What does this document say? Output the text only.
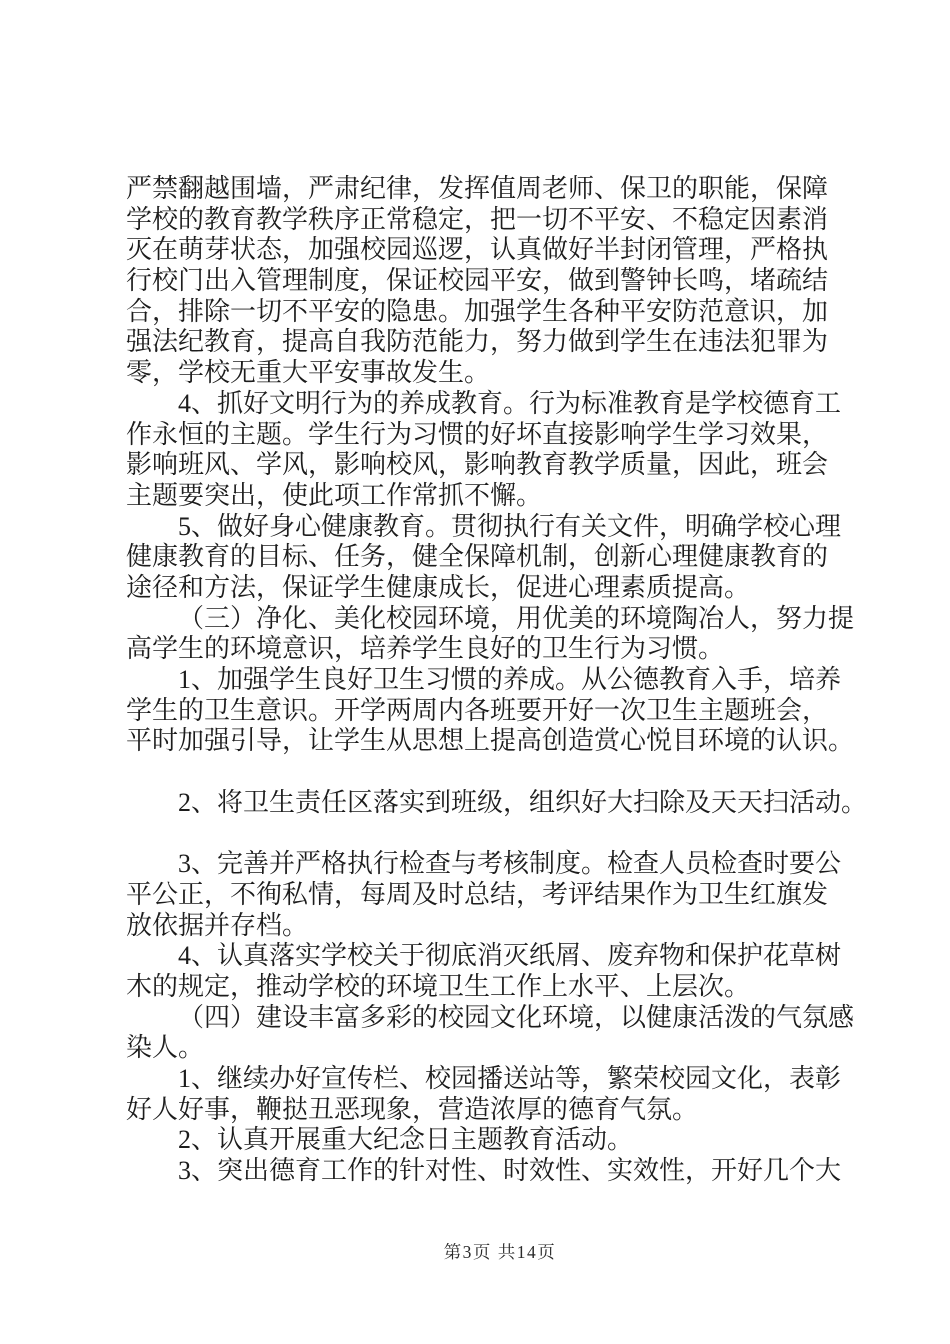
严禁翻越围墙，严肃纪律，发挥值周老师、保卫的职能，保障
学校的教育教学秩序正常稳定，把一切不平安、不稳定因素消
灭在萌芽状态，加强校园巡逻，认真做好半封闭管理，严格执
行校门出入管理制度，保证校园平安，做到警钟长鸣，堵疏结
合，排除一切不平安的隐患。加强学生各种平安防范意识，加
强法纪教育，提高自我防范能力，努力做到学生在违法犯罪为
零，学校无重大平安事故发生。
4、抓好文明行为的养成教育。行为标准教育是学校德育工
作永恒的主题。学生行为习惯的好坏直接影响学生学习效果，
影响班风、学风，影响校风，影响教育教学质量，因此，班会
主题要突出，使此项工作常抓不懈。
5、做好身心健康教育。贯彻执行有关文件，明确学校心理
健康教育的目标、任务，健全保障机制，创新心理健康教育的
途径和方法，保证学生健康成长，促进心理素质提高。
（三）净化、美化校园环境，用优美的环境陶冶人，努力提
高学生的环境意识，培养学生良好的卫生行为习惯。
1、加强学生良好卫生习惯的养成。从公德教育入手，培养
学生的卫生意识。开学两周内各班要开好一次卫生主题班会，
平时加强引导，让学生从思想上提高创造赏心悦目环境的认识。
2、将卫生责任区落实到班级，组织好大扫除及天天扫活动。
3、完善并严格执行检查与考核制度。检查人员检查时要公
平公正，不徇私情，每周及时总结，考评结果作为卫生红旗发
放依据并存档。
4、认真落实学校关于彻底消灭纸屑、废弃物和保护花草树
木的规定，推动学校的环境卫生工作上水平、上层次。
（四）建设丰富多彩的校园文化环境，以健康活泼的气氛感
染人。
1、继续办好宣传栏、校园播送站等，繁荣校园文化，表彰
好人好事，鞭挞丑恶现象，营造浓厚的德育气氛。
2、认真开展重大纪念日主题教育活动。
3、突出德育工作的针对性、时效性、实效性，开好几个大
第3页 共14页
